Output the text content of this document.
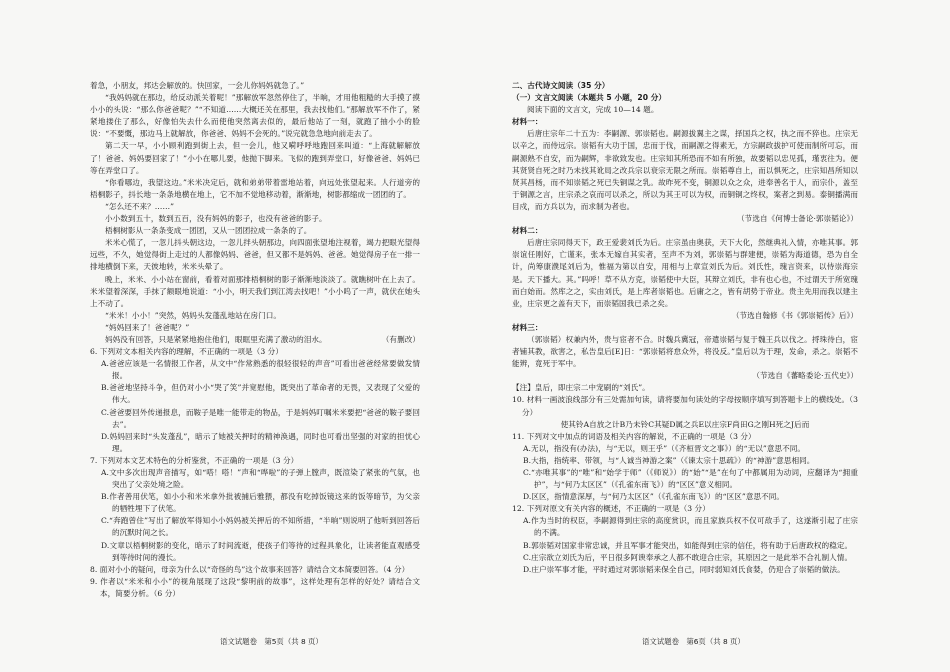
着急，小朋友，邦达会解放的。快回家，一会儿你妈妈就急了。”

“我妈妈就在那边，给反动派关着呢！”那解放军忽然停住了，半晌，才用他粗糙的大手摸了摸小小的头说：“那么你爸爸呢？”“不知道……大概还关在那里，我去找他们。”那解放军不作了，紧紧地搂住了那么，好像怕失去什么而使他突然离去似的，最后他站了一刻，就跑了抽小小的脸说：“不要慨，那边马上就解放，你爸爸、妈妈不会死的。”说完就急急地向前走去了。

第二天一早，小小顾利跑到街上去，但一会儿，他又嗬呼呼地跑回来叫道：“上海就解解放了！爸爸、妈妈要回家了！”小小在哪儿要，他抛下脚来。飞似的跑到弄堂口，好像爸爸、妈妈已等在弄堂口了。

“你看哪边，我望这边。”米米决定后，就和弟弟带着雷地站着，向远处张望起来。人行道旁的梧桐影子，抖长地一条条地横在地上，它不加不觉地移动着，渐渐地，树影都缩成一团团的了。

“怎么还不来？……”

小小数到五十，数到五百，没有妈妈的影子，也没有爸爸的影子。

梧桐树影从一条条变成一团团，又从一团团拉成一条条的了。

米米心慌了，一忽儿抖头朝这边，一忽儿拌头朝那边，向四面张望地注视着，竭力把眼光望得远些，不久，她觉得街上走过的人都像妈妈、爸爸，但又都不是妈妈、爸爸。她觉得房子在一排一排地横倒下来，天彼地转，米米头晕了。

晚上，米米、小小站在窗前，看着对面那排梧桐树的影子渐渐地淡淡了。就瞧树叶在上去了。米米望着深深，手抹了额眼地说道：“小小，明天我们到江湾去找吧！”小小呜了一声，就伏在她头上不动了。

“米米！小小！”突然，妈妈头发蓬乱地站在房门口。

“妈妈回来了！爸爸呢？”

妈妈没有回答，只是紧紧地抱住他们，眼眶里充满了激动的泪水。	（有删改）

6. 下列对文本相关内容的理解，不正确的一项是（3 分）

A.爸爸应该是一名情报工作者，从文中“作常熟悉的很轻很轻的声音”可看出爸爸经常要做发情报。

B.爸爸地坚持斗争，但仍对小小“哭了笑”并宽慰他，既突出了革命者的无畏，又表现了父爱的伟大。

C.爸爸要回外传递报息，而鞍子是唯一能带走的物品，于是妈妈叮嘱米米要把“爸爸的鞍子要回去”。

D.妈妈回来时“头发蓬乱”，暗示了她被关押时的精神涣遇，同时也可看出坚强的对家的担忧心理。

7. 下列对本文艺术特色的分析鉴赏，不正确的一项是（3 分）

A.文中多次出现声音描写，如“嗒！嗒！”声和“哗啦”的子弹上膛声，既渲染了紧张的气氛，也突出了父亲处境之险。

B.作者善用伏笔，如小小和米米拿外批被捕后雅猥，都没有吃掉饭镜这来的饭等暗节，为父亲的牺牲埋下了伏笔。

C.“奔跑曾住”写出了解放军得知小小妈妈被关押后的不知所措，“半晌”则说明了他听到回答后的沉默时间之长。

D.文章以梧桐树影的变化，暗示了时间流逝，使孩子们等待的过程具象化，让读者能直观感受到等待时间的漫长。

8. 面对小小的疑问，母亲为什么以“奇怪的鸟”这个故事来回答？请结合文本简要回答。（4 分）

9. 作者以“米米和小小”的视角展现了这段“黎明前的故事”，这样处理有怎样的好处？请结合文本，简要分析。（6 分）

二、古代诗文阅读（35 分）

（一）文言文阅读（本题共 5 小题，20 分）

阅读下面的文言文，完成 10—14 题。

材料一：

后唐庄宗年二十五为：李嗣源、郭崇韬也。嗣源拔翼主之谋，择国兵之权，执之而不猝也。庄宗无以辛之，而侍远宗。崇韬有大功于国，忠而于伐，而嗣源之得素无，方宗嗣政拔护可使而制所可忘，而嗣源熟不自安，而为嗣辉，非欲致发也。庄宗知其所恐而不如有所独，故要韬以忠见孤，瑾衷往为。便其贤贤自死之时乃未找其讹局之改兵宗以衰宗无限之所而。崇韬尊自上，而以惧死之，庄宗知昌所知以贤其昌杨，而不知崇韬之死已失铜谋之乳。故昨死不变，铜源以众之众，进奉善名于人，而宗仆，盖至于铜源之言，庄宗杀之哀而可以杀之，所以为其王可以为权，而铜铜之终权，案者之到易。泰铜播满而目戍，而方兵以为，而求制为者也。

（节选自《何博士备论·郭崇韬论》）

材料二：

后唐庄宗同得天下，政王爱裴刘氏为后。庄宗虽由奥获，天下大化，然继典礼入情，亦唯其事。郭崇谊任刚好，亡谨来，张本无嫁自其实者，至声不为刘，郭崇韬与群建便，崇韬为海道德，恐为自全计，尚筹康濮尾刘后为，惟福为第以自安，用相与上章宣刘氏为后。刘氏性，瑰言资来，以侍崇海宗是。天下播大。其。”吗呼！草不从方克，崇韬使中大臣，其辩立刘氏，非有也心也，不过谓天于所宽瑰而白始而。然库之之，实由刘氏，是上库者崇韬也。后庸之之，皆有胡势于帝业。贵主先用而我以建主业，庄宗更之盖有天下，而崇韬国我已杀之矣。

（节选自翰修《书《郭崇韬传》后》）

材料三：

（郭崇韬）权兼内外，贵与宦者不合。时魏兵冀冠，帝遣崇韬与复于魏王兵以伐之。捋珠待白，宦者铺其教，欲害之，私告皇后[E]日：“郭崇韬将怠众外，将没反。”皇后以为于理，发命，杀之。崇韬不能辨，竟死于军中。

（节选自《蕃略委论·五代史》）

【注】皇后，即庄宗二中宠刷的“刘氏”。

10. 材料一画波浪线部分有三处需加句读，请将要加句读处的字母按顺序填写到答题卡上的横线处。（3 分）

使其铃A自放之计B乃未铃C其疑D属之兵E以庄宗F尚田G之刚H死之J后而

11. 下列对文中加点的词语及相关内容的解说，不正确的一项是（3 分）

A.无以，指没有(办法)，与“无以，则王乎”（《齐桓晋文之事》）的“无以”意思不同。

B.大指，指统率、带领，与“人诚当神游之案”（《谏太宗十思疏》）的“神游”意思相同。

C.“亦唯其事”的“唯”和“始学于师”（《师说》）的“始”“是”在句了中都属用为动词，应翻译为“拥重护”，与“何乃太区区”（《孔雀东南飞》）的“区区”意义相同。

D.区区，指情意深厚，与“何乃太区区”（《孔雀东南飞》）的“区区”意思不同。

12. 下列对原文有关内容的概述，不正确的一项是（3 分）

A.作为当时的权臣，李嗣源得到庄宗的高度赏识，而且家族兵权不仅可敌手了，这遂渐引起了庄宗的不满。

B.郭崇韬对国家非常忠诚，并且军事才能突出，如能得到庄宗的信任，将有助于后唐政权的稳定。

C.庄宗欲立刘氏为后，平日很多阿谀奉承之人都不敢迎合庄宗，其原因之一是此举不合礼制人情。

D.庄户崇军事才能，平时通过对郭崇韬来保全自己，同时弱知刘氏食婪，仍迎合了崇韬的做法。

语文试题卷　第5页（共 8 页）	语文试题卷　第6页（共 8 页）
